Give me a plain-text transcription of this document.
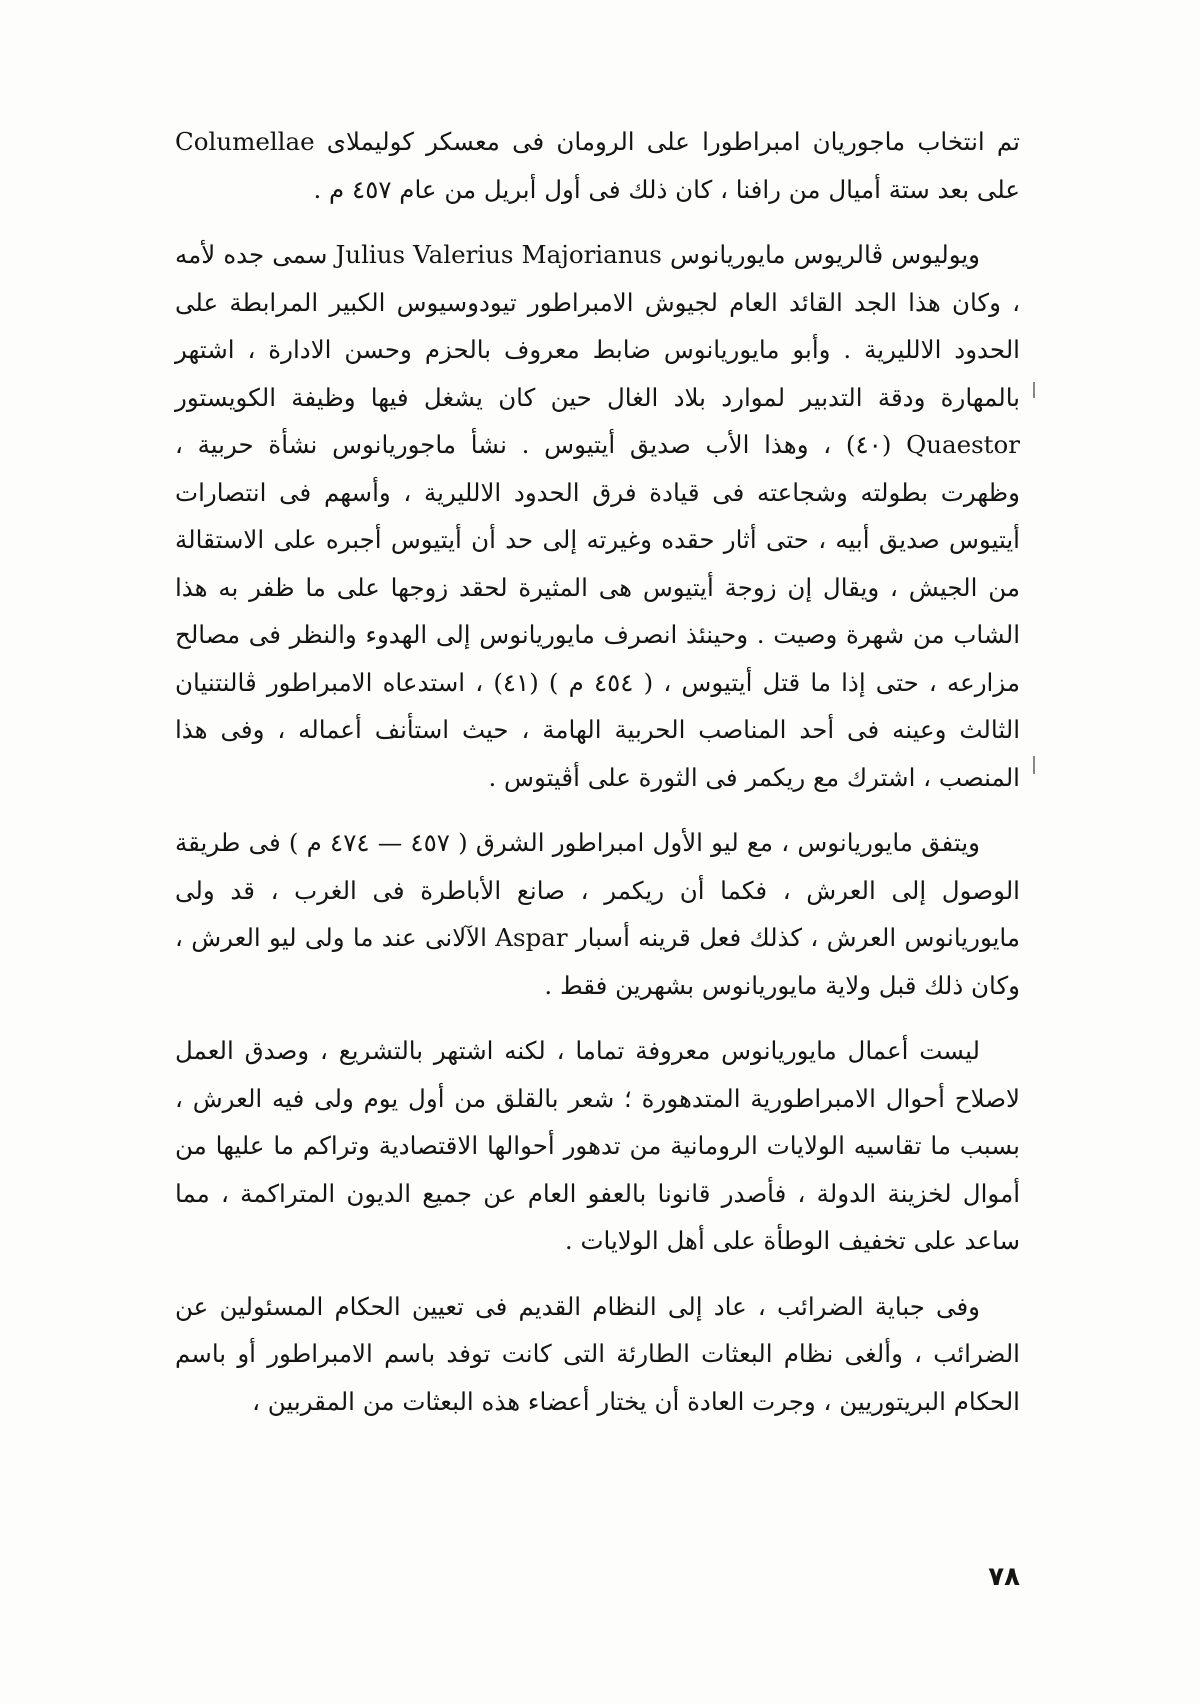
تم انتخاب ماجوريان امبراطورا على الرومان فى معسكر كوليملاى Columellae على بعد ستة أميال من رافنا ، كان ذلك فى أول أبريل من عام ٤٥٧ م .

ويوليوس ڤالريوس مايوريانوس Julius Valerius Majorianus سمى جده لأمه ، وكان هذا الجد القائد العام لجيوش الامبراطور تيودوسيوس الكبير المرابطة على الحدود الالليرية . وأبو مايوريانوس ضابط معروف بالحزم وحسن الادارة ، اشتهر بالمهارة ودقة التدبير لموارد بلاد الغال حين كان يشغل فيها وظيفة الكويستور Quaestor (٤٠) ، وهذا الأب صديق أيتيوس . نشأ ماجوريانوس نشأة حربية ، وظهرت بطولته وشجاعته فى قيادة فرق الحدود الالليرية ، وأسهم فى انتصارات أيتيوس صديق أبيه ، حتى أثار حقده وغيرته إلى حد أن أيتيوس أجبره على الاستقالة من الجيش ، ويقال إن زوجة أيتيوس هى المثيرة لحقد زوجها على ما ظفر به هذا الشاب من شهرة وصيت . وحينئذ انصرف مايوريانوس إلى الهدوء والنظر فى مصالح مزارعه ، حتى إذا ما قتل أيتيوس ، ( ٤٥٤ م ) (٤١) ، استدعاه الامبراطور ڤالنتنيان الثالث وعينه فى أحد المناصب الحربية الهامة ، حيث استأنف أعماله ، وفى هذا المنصب ، اشترك مع ريكمر فى الثورة على أڤيتوس .

ويتفق مايوريانوس ، مع ليو الأول امبراطور الشرق ( ٤٥٧ — ٤٧٤ م ) فى طريقة الوصول إلى العرش ، فكما أن ريكمر ، صانع الأباطرة فى الغرب ، قد ولى مايوريانوس العرش ، كذلك فعل قرينه أسبار Aspar الآلانى عند ما ولى ليو العرش ، وكان ذلك قبل ولاية مايوريانوس بشهرين فقط .

ليست أعمال مايوريانوس معروفة تماما ، لكنه اشتهر بالتشريع ، وصدق العمل لاصلاح أحوال الامبراطورية المتدهورة ؛ شعر بالقلق من أول يوم ولى فيه العرش ، بسبب ما تقاسيه الولايات الرومانية من تدهور أحوالها الاقتصادية وتراكم ما عليها من أموال لخزينة الدولة ، فأصدر قانونا بالعفو العام عن جميع الديون المتراكمة ، مما ساعد على تخفيف الوطأة على أهل الولايات .

وفى جباية الضرائب ، عاد إلى النظام القديم فى تعيين الحكام المسئولين عن الضرائب ، وألغى نظام البعثات الطارئة التى كانت توفد باسم الامبراطور أو باسم الحكام البريتوريين ، وجرت العادة أن يختار أعضاء هذه البعثات من المقربين ،

٧٨
